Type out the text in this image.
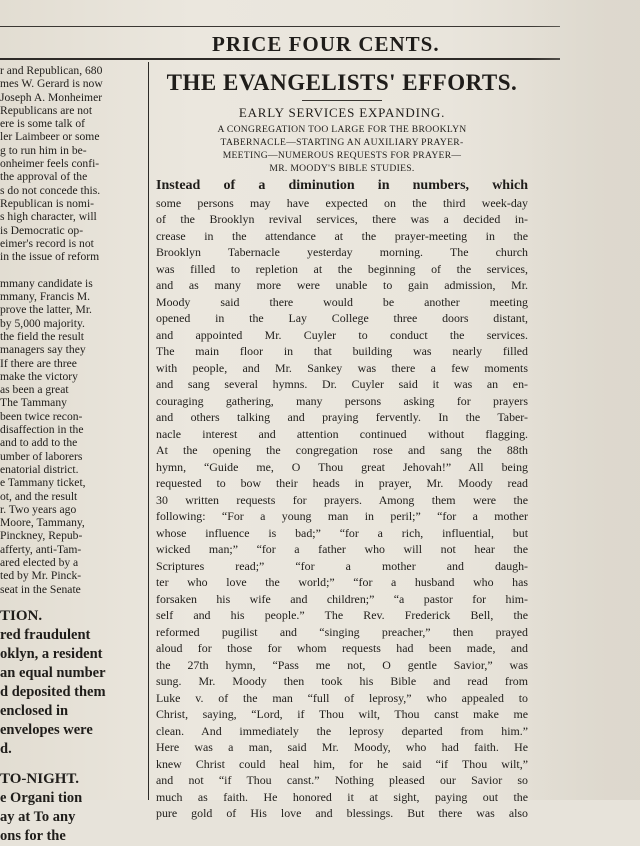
PRICE FOUR CENTS.
r and Republican, 680
mes W. Gerard is now
Joseph A. Monheimer
Republicans are not
ere is some talk of
ler Laimbeer or some
g to run him in be-
onheimer feels confi-
the approval of the
s do not concede this.
Republican is nomi-
s high character, will
is Democratic op-
eimer's record is not
in the issue of reform

mmany candidate is
mmany, Francis M.
prove the latter, Mr.
by 5,000 majority.
the field the result
managers say they
If there are three
make the victory
as been a great
The Tammany
been twice recon-
disaffection in the
and to add to the
umber of laborers
enatorial district.
e Tammany ticket,
ot, and the result
r. Two years ago
Moore, Tammany,
Pinckney, Repub-
afferty, anti-Tam-
ared elected by a
ted by Mr. Pinck-
seat in the Senate
TION.
red fraudulent
oklyn, a resident
an equal number
d deposited them
enclosed in
envelopes were
d.
TO-NIGHT.
e Organi tion
ay at To any
ons for the
THE EVANGELISTS' EFFORTS.
EARLY SERVICES EXPANDING.
A CONGREGATION TOO LARGE FOR THE BROOKLYN
TABERNACLE—STARTING AN AUXILIARY PRAYER-
MEETING—NUMEROUS REQUESTS FOR PRAYER—
MR. MOODY'S BIBLE STUDIES.
Instead of a diminution in numbers, which
some persons may have expected on the third week-day
of the Brooklyn revival services, there was a decided in-
crease in the attendance at the prayer-meeting in the
Brooklyn Tabernacle yesterday morning. The church
was filled to repletion at the beginning of the services,
and as many more were unable to gain admission, Mr.
Moody said there would be another meeting
opened in the Lay College three doors distant,
and appointed Mr. Cuyler to conduct the services.
The main floor in that building was nearly filled
with people, and Mr. Sankey was there a few moments
and sang several hymns. Dr. Cuyler said it was an en-
couraging gathering, many persons asking for prayers
and others talking and praying fervently. In the Taber-
nacle interest and attention continued without flagging.
At the opening the congregation rose and sang the 88th
hymn, “Guide me, O Thou great Jehovah!” All being
requested to bow their heads in prayer, Mr. Moody read
30 written requests for prayers. Among them were the
following: “For a young man in peril;” “for a mother
whose influence is bad;” “for a rich, influential, but
wicked man;” “for a father who will not hear the
Scriptures read;” “for a mother and daugh-
ter who love the world;” “for a husband who has
forsaken his wife and children;” “a pastor for him-
self and his people.” The Rev. Frederick Bell, the
reformed pugilist and “singing preacher,” then prayed
aloud for those for whom requests had been made, and
the 27th hymn, “Pass me not, O gentle Savior,” was
sung. Mr. Moody then took his Bible and read from
Luke v. of the man “full of leprosy,” who appealed to
Christ, saying, “Lord, if Thou wilt, Thou canst make me
clean. And immediately the leprosy departed from him.”
Here was a man, said Mr. Moody, who had faith. He
knew Christ could heal him, for he said “if Thou wilt,”
and not “if Thou canst.” Nothing pleased our Savior so
much as faith. He honored it at sight, paying out the
pure gold of His love and blessings. But there was also
